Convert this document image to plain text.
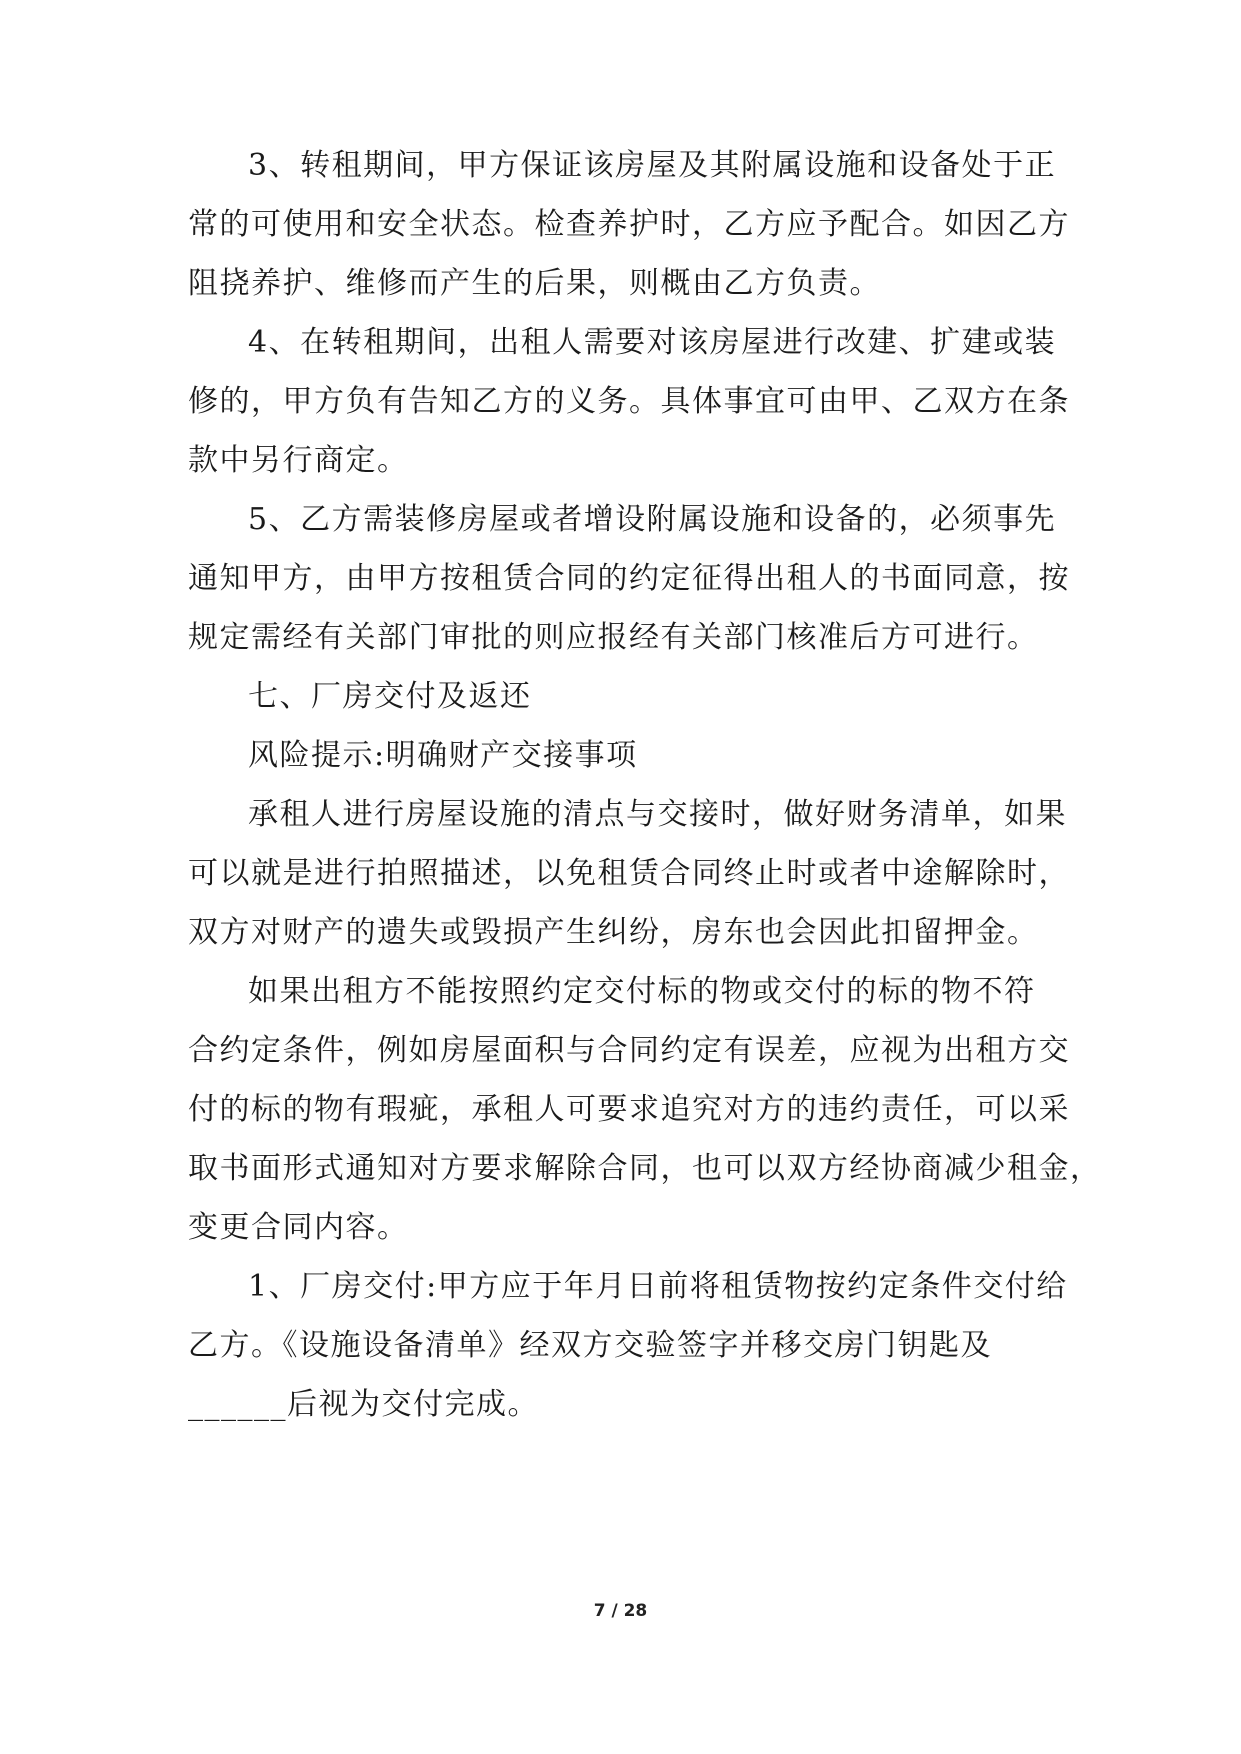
3、转租期间，甲方保证该房屋及其附属设施和设备处于正
常的可使用和安全状态。检查养护时，乙方应予配合。如因乙方
阻挠养护、维修而产生的后果，则概由乙方负责。
4、在转租期间，出租人需要对该房屋进行改建、扩建或装
修的，甲方负有告知乙方的义务。具体事宜可由甲、乙双方在条
款中另行商定。
5、乙方需装修房屋或者增设附属设施和设备的，必须事先
通知甲方，由甲方按租赁合同的约定征得出租人的书面同意，按
规定需经有关部门审批的则应报经有关部门核准后方可进行。
七、厂房交付及返还
风险提示:明确财产交接事项
承租人进行房屋设施的清点与交接时，做好财务清单，如果
可以就是进行拍照描述，以免租赁合同终止时或者中途解除时，
双方对财产的遗失或毁损产生纠纷，房东也会因此扣留押金。
如果出租方不能按照约定交付标的物或交付的标的物不符
合约定条件，例如房屋面积与合同约定有误差，应视为出租方交
付的标的物有瑕疵，承租人可要求追究对方的违约责任，可以采
取书面形式通知对方要求解除合同，也可以双方经协商减少租金，
变更合同内容。
1、厂房交付:甲方应于年月日前将租赁物按约定条件交付给
乙方。《设施设备清单》经双方交验签字并移交房门钥匙及
______后视为交付完成。
7 / 28
